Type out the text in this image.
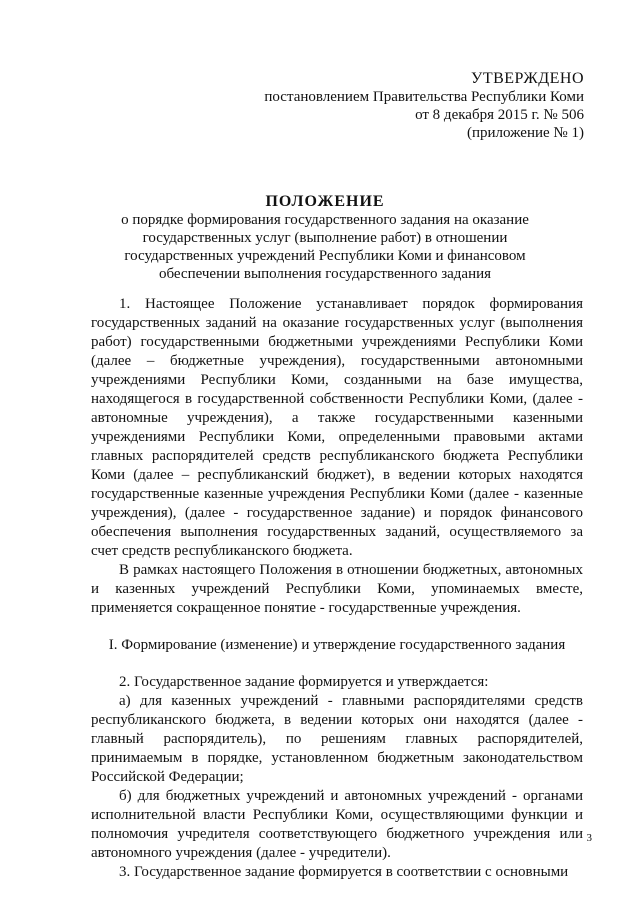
УТВЕРЖДЕНО
постановлением Правительства Республики Коми
от 8 декабря 2015 г. № 506
(приложение № 1)
ПОЛОЖЕНИЕ
о порядке формирования государственного задания на оказание государственных услуг (выполнение работ) в отношении государственных учреждений Республики Коми и финансовом обеспечении выполнения государственного задания

1. Настоящее Положение устанавливает порядок формирования государственных заданий на оказание государственных услуг (выполнения работ) государственными бюджетными учреждениями Республики Коми (далее – бюджетные учреждения), государственными автономными учреждениями Республики Коми, созданными на базе имущества, находящегося в государственной собственности Республики Коми, (далее - автономные учреждения), а также государственными казенными учреждениями Республики Коми, определенными правовыми актами главных распорядителей средств республиканского бюджета Республики Коми (далее – республиканский бюджет), в ведении которых находятся государственные казенные учреждения Республики Коми (далее - казенные учреждения), (далее - государственное задание) и порядок финансового обеспечения выполнения государственных заданий, осуществляемого за счет средств республиканского бюджета.

В рамках настоящего Положения в отношении бюджетных, автономных и казенных учреждений Республики Коми, упоминаемых вместе, применяется сокращенное понятие - государственные учреждения.

I. Формирование (изменение) и утверждение государственного задания

2. Государственное задание формируется и утверждается:

а) для казенных учреждений - главными распорядителями средств республиканского бюджета, в ведении которых они находятся (далее - главный распорядитель), по решениям главных распорядителей, принимаемым в порядке, установленном бюджетным законодательством Российской Федерации;

б) для бюджетных учреждений и автономных учреждений - органами исполнительной власти Республики Коми, осуществляющими функции и полномочия учредителя соответствующего бюджетного учреждения или автономного учреждения (далее - учредители).

3. Государственное задание формируется в соответствии с основными

3
